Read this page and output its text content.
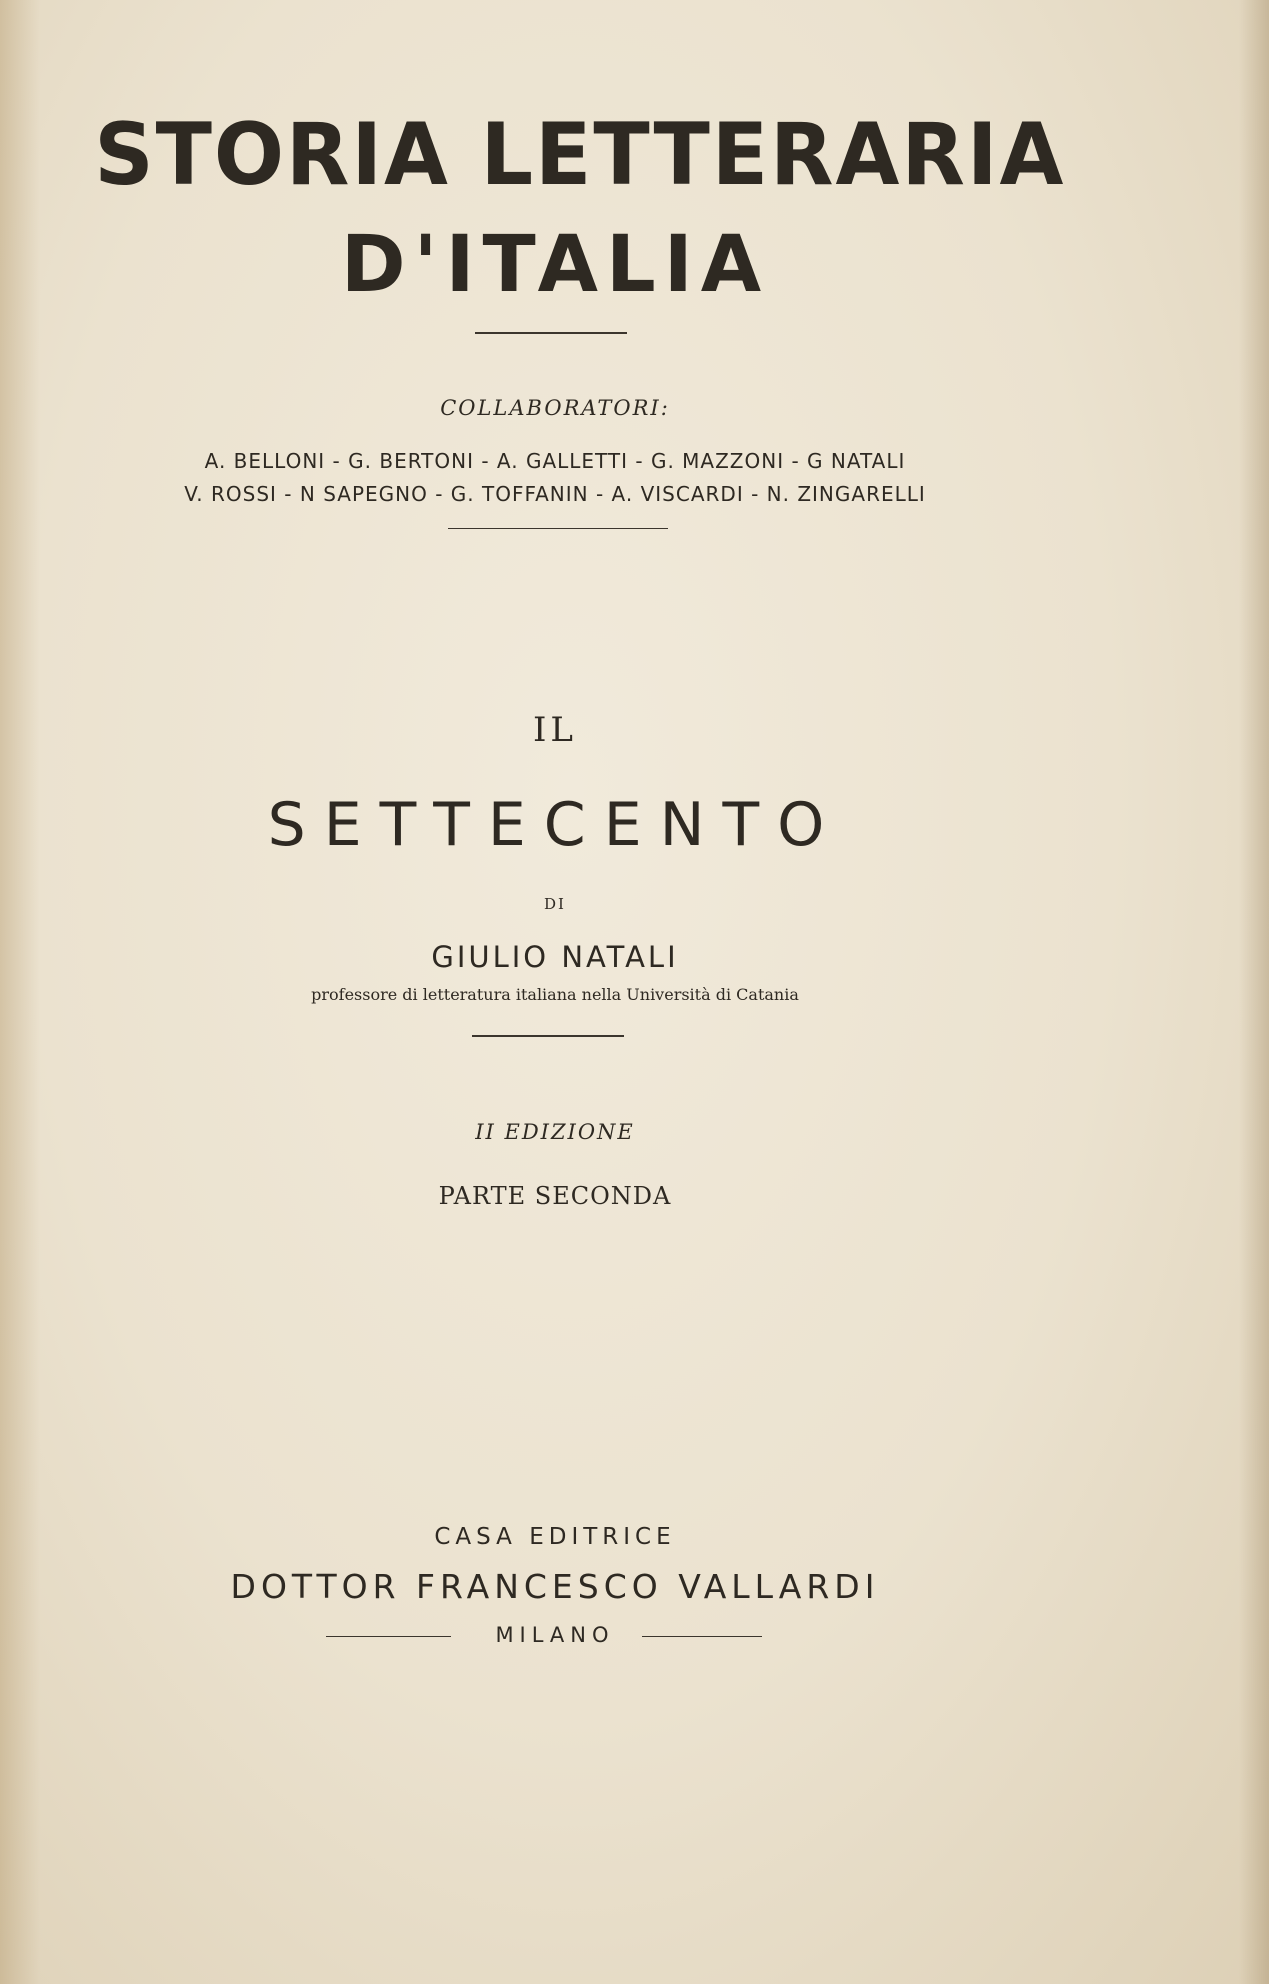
STORIA LETTERARIA
D'ITALIA
COLLABORATORI:
A. BELLONI - G. BERTONI - A. GALLETTI - G. MAZZONI - G NATALI
V. ROSSI - N SAPEGNO - G. TOFFANIN - A. VISCARDI - N. ZINGARELLI
IL
SETTECENTO
DI
GIULIO NATALI
professore di letteratura italiana nella Università di Catania
II EDIZIONE
PARTE SECONDA
CASA EDITRICE
DOTTOR FRANCESCO VALLARDI
MILANO
